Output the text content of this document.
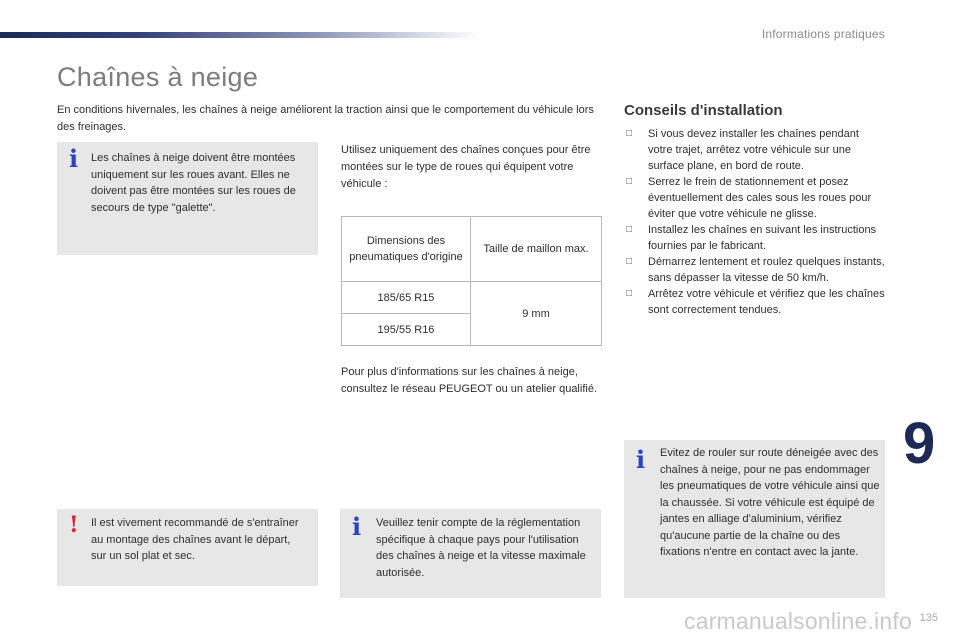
Informations pratiques
Chaînes à neige

En conditions hivernales, les chaînes à neige améliorent la traction ainsi que le comportement du véhicule lors des freinages.

i Les chaînes à neige doivent être montées uniquement sur les roues avant. Elles ne doivent pas être montées sur les roues de secours de type "galette".

! Il est vivement recommandé de s'entraîner au montage des chaînes avant le départ, sur un sol plat et sec.

Utilisez uniquement des chaînes conçues pour être montées sur le type de roues qui équipent votre véhicule :

Dimensions des pneumatiques d'origine	Taille de maillon max.
185/65 R15	9 mm
195/55 R16	

Pour plus d'informations sur les chaînes à neige, consultez le réseau PEUGEOT ou un atelier qualifié.

i Veuillez tenir compte de la réglementation spécifique à chaque pays pour l'utilisation des chaînes à neige et la vitesse maximale autorisée.

Conseils d'installation
□ Si vous devez installer les chaînes pendant votre trajet, arrêtez votre véhicule sur une surface plane, en bord de route.
□ Serrez le frein de stationnement et posez éventuellement des cales sous les roues pour éviter que votre véhicule ne glisse.
□ Installez les chaînes en suivant les instructions fournies par le fabricant.
□ Démarrez lentement et roulez quelques instants, sans dépasser la vitesse de 50 km/h.
□ Arrêtez votre véhicule et vérifiez que les chaînes sont correctement tendues.
i Evitez de rouler sur route déneigée avec des chaînes à neige, pour ne pas endommager les pneumatiques de votre véhicule ainsi que la chaussée. Si votre véhicule est équipé de jantes en alliage d'aluminium, vérifiez qu'aucune partie de la chaîne ou des fixations n'entre en contact avec la jante.

9
carmanualsonline.info 135
